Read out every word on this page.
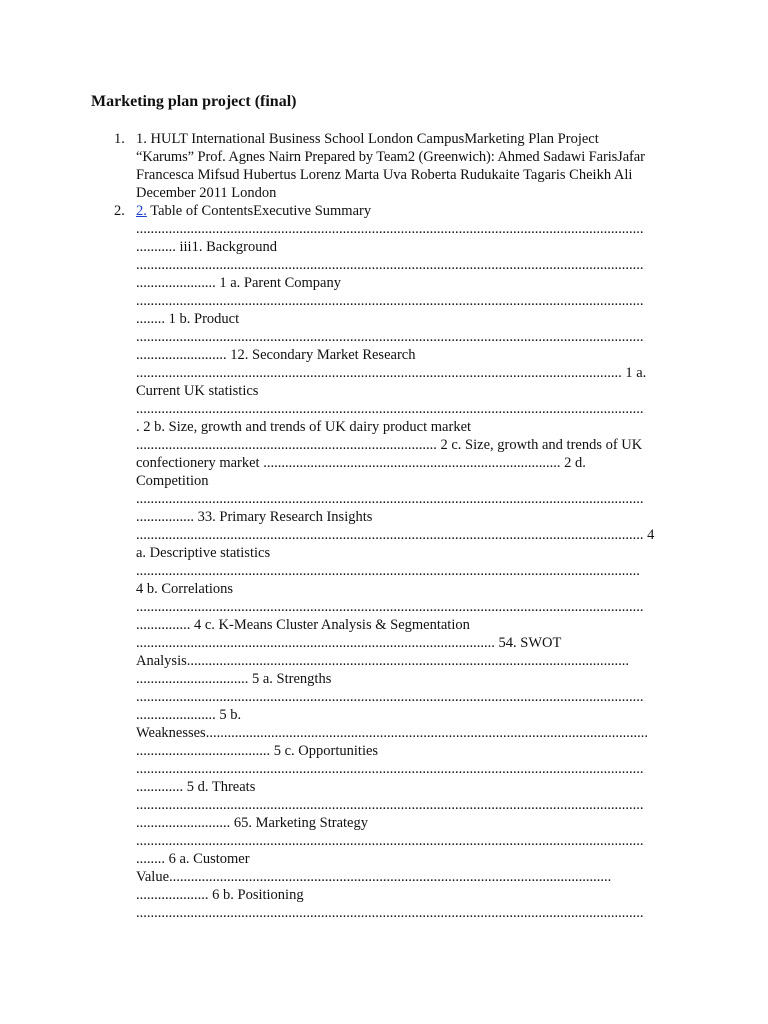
Marketing plan project (final)
1. 1. HULT International Business School London CampusMarketing Plan Project
“Karums” Prof. Agnes Nairn Prepared by Team2 (Greenwich): Ahmed Sadawi FarisJafar
Francesca Mifsud Hubertus Lorenz Marta Uva Roberta Rudukaite Tagaris Cheikh Ali
December 2011 London
2. 2. Table of ContentsExecutive Summary
............................................................................................................................................
........... iii1. Background
............................................................................................................................................
...................... 1 a. Parent Company
............................................................................................................................................
........ 1 b. Product
............................................................................................................................................
......................... 12. Secondary Market Research
...................................................................................................................................... 1 a.
Current UK statistics
............................................................................................................................................
. 2 b. Size, growth and trends of UK dairy product market
................................................................................... 2 c. Size, growth and trends of UK
confectionery market .................................................................................. 2 d.
Competition
............................................................................................................................................
................ 33. Primary Research Insights
............................................................................................................................................ 4
a. Descriptive statistics
...........................................................................................................................................
4 b. Correlations
............................................................................................................................................
............... 4 c. K-Means Cluster Analysis & Segmentation
................................................................................................... 54. SWOT
Analysis..........................................................................................................................
............................... 5 a. Strengths
............................................................................................................................................
...................... 5 b.
Weaknesses..........................................................................................................................
..................................... 5 c. Opportunities
............................................................................................................................................
............. 5 d. Threats
............................................................................................................................................
.......................... 65. Marketing Strategy
............................................................................................................................................
........ 6 a. Customer
Value..........................................................................................................................
.................... 6 b. Positioning
............................................................................................................................................
